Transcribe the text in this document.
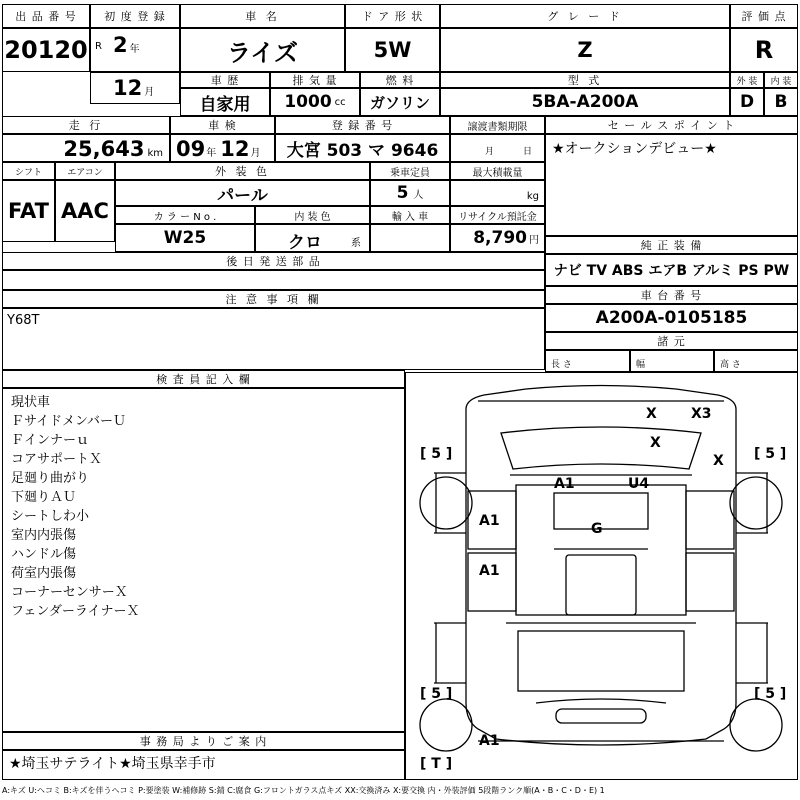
出 品 番 号
20120
初 度 登 録
R 2 年
12 月
車 名
ライズ
ド ア 形 状
5W
グ レ ー ド
Z
評 価 点
R
車 歴
自家用
排 気 量
1000 cc
燃 料
ガソリン
型 式
5BA-A200A
外 装 内 装
D B
走 行
25,643 km
車 検
09 年 12 月
登 録 番 号
大宮 503 マ 9646
譲渡書類期限
月	日
シフト	エアコン
FAT AAC
外 装 色
パール
乗車定員
5 人
最大積載量
kg
カ ラ ー N o .
W25
内 装 色
クロ	系
輸 入 車	リサイクル預託金
8,790 円
後 日 発 送 部 品
注 意 事 項 欄
Y68T
検 査 員 記 入 欄
現状車
ＦサイドメンバーＵ
Ｆインナーｕ
コアサポートＸ
足廻り曲がり
下廻りＡＵ
シートしわ小
室内内張傷
ハンドル傷
荷室内張傷
コーナーセンサーＸ
フェンダーライナーＸ
事 務 局 よ り ご 案 内
★埼玉サテライト★埼玉県幸手市
セ ー ル ス ポ イ ン ト
★オークションデビュー★
純 正 装 備
ナビ TV ABS エアB アルミ PS PW
車 台 番 号
A200A-0105185
諸 元
長 さ	幅	高 さ
X X3
X
[ 5 ]	[ 5 ]
X
A1	U4
A1	G
A1
[ 5 ]	[ 5 ]
A1
[ T ]
A:キズ U:ヘコミ B:キズを伴うヘコミ P:要塗装 W:補修跡 S:錆 C:腐食 G:フロントガラス点キズ XX:交換済み X:要交換 内・外装評価 5段階ランク順(A・B・C・D・E) 1
